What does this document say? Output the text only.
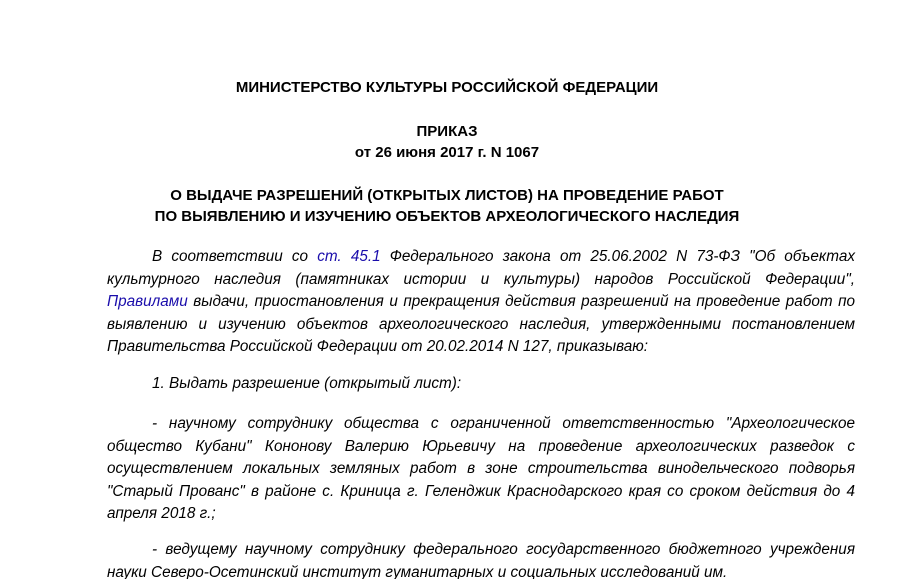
МИНИСТЕРСТВО КУЛЬТУРЫ РОССИЙСКОЙ ФЕДЕРАЦИИ
ПРИКАЗ
от 26 июня 2017 г. N 1067
О ВЫДАЧЕ РАЗРЕШЕНИЙ (ОТКРЫТЫХ ЛИСТОВ) НА ПРОВЕДЕНИЕ РАБОТ
ПО ВЫЯВЛЕНИЮ И ИЗУЧЕНИЮ ОБЪЕКТОВ АРХЕОЛОГИЧЕСКОГО НАСЛЕДИЯ
В соответствии со ст. 45.1 Федерального закона от 25.06.2002 N 73-ФЗ "Об объектах культурного наследия (памятниках истории и культуры) народов Российской Федерации", Правилами выдачи, приостановления и прекращения действия разрешений на проведение работ по выявлению и изучению объектов археологического наследия, утвержденными постановлением Правительства Российской Федерации от 20.02.2014 N 127, приказываю:
1. Выдать разрешение (открытый лист):
- научному сотруднику общества с ограниченной ответственностью "Археологическое общество Кубани" Кононову Валерию Юрьевичу на проведение археологических разведок с осуществлением локальных земляных работ в зоне строительства винодельческого подворья "Старый Прованс" в районе с. Криница г. Геленджик Краснодарского края со сроком действия до 4 апреля 2018 г.;
- ведущему научному сотруднику федерального государственного бюджетного учреждения науки Северо-Осетинский институт гуманитарных и социальных исследований им.
